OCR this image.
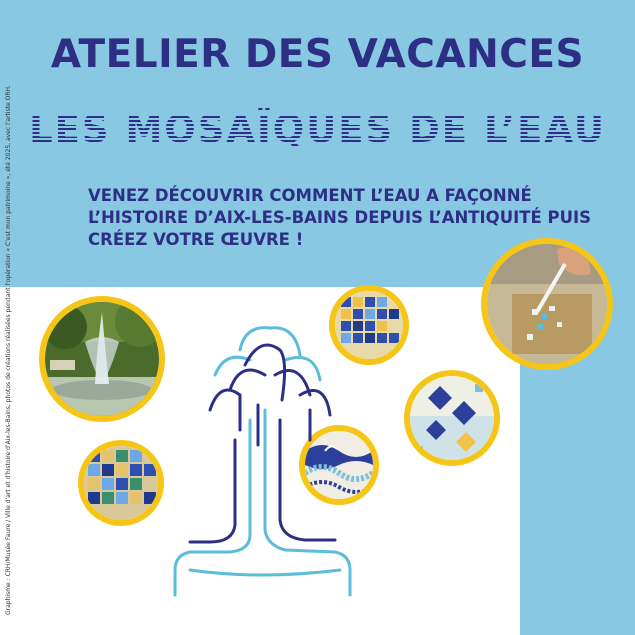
ATELIER DES VACANCES
LES MOSAÏQUES DE L’EAU
VENEZ DÉCOUVRIR COMMENT L’EAU A FAÇONNÉ
L’HISTOIRE D’AIX-LES-BAINS DEPUIS L’ANTIQUITÉ PUIS
CRÉEZ VOTRE ŒUVRE !
Graphisme : CRH/Musée Faure / Ville d'art et d'histoire d'Aix-les-Bains, photos de créations réalisées pendant l'opération « C'est mon patrimoine », été 2025, avec l'artiste ORH.
